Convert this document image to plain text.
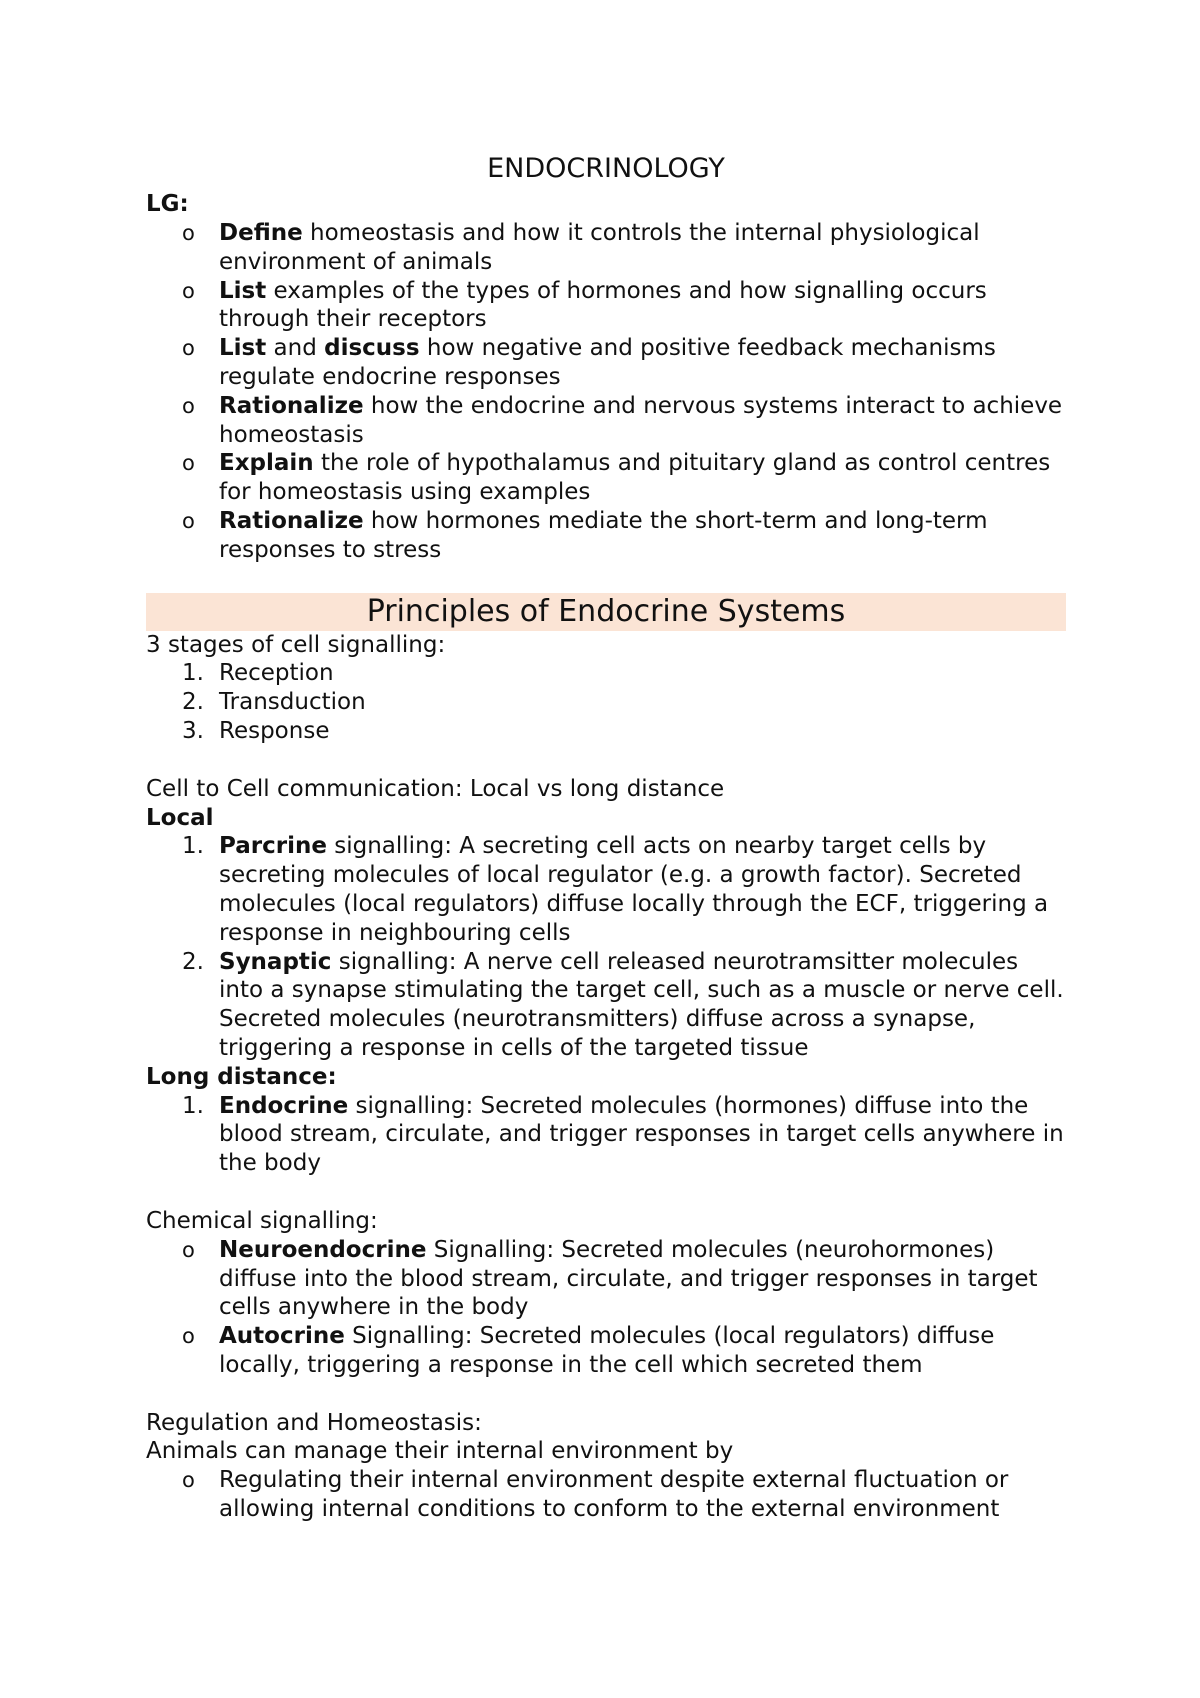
ENDOCRINOLOGY
LG:
o Define homeostasis and how it controls the internal physiological environment of animals
o List examples of the types of hormones and how signalling occurs through their receptors
o List and discuss how negative and positive feedback mechanisms regulate endocrine responses
o Rationalize how the endocrine and nervous systems interact to achieve homeostasis
o Explain the role of hypothalamus and pituitary gland as control centres for homeostasis using examples
o Rationalize how hormones mediate the short-term and long-term responses to stress
Principles of Endocrine Systems
3 stages of cell signalling:
1. Reception
2. Transduction
3. Response
Cell to Cell communication: Local vs long distance
Local
1. Parcrine signalling: A secreting cell acts on nearby target cells by secreting molecules of local regulator (e.g. a growth factor). Secreted molecules (local regulators) diffuse locally through the ECF, triggering a response in neighbouring cells
2. Synaptic signalling: A nerve cell released neurotramsitter molecules into a synapse stimulating the target cell, such as a muscle or nerve cell. Secreted molecules (neurotransmitters) diffuse across a synapse, triggering a response in cells of the targeted tissue
Long distance:
1. Endocrine signalling: Secreted molecules (hormones) diffuse into the blood stream, circulate, and trigger responses in target cells anywhere in the body
Chemical signalling:
o Neuroendocrine Signalling: Secreted molecules (neurohormones) diffuse into the blood stream, circulate, and trigger responses in target cells anywhere in the body
o Autocrine Signalling: Secreted molecules (local regulators) diffuse locally, triggering a response in the cell which secreted them
Regulation and Homeostasis:
Animals can manage their internal environment by
o Regulating their internal environment despite external fluctuation or allowing internal conditions to conform to the external environment
